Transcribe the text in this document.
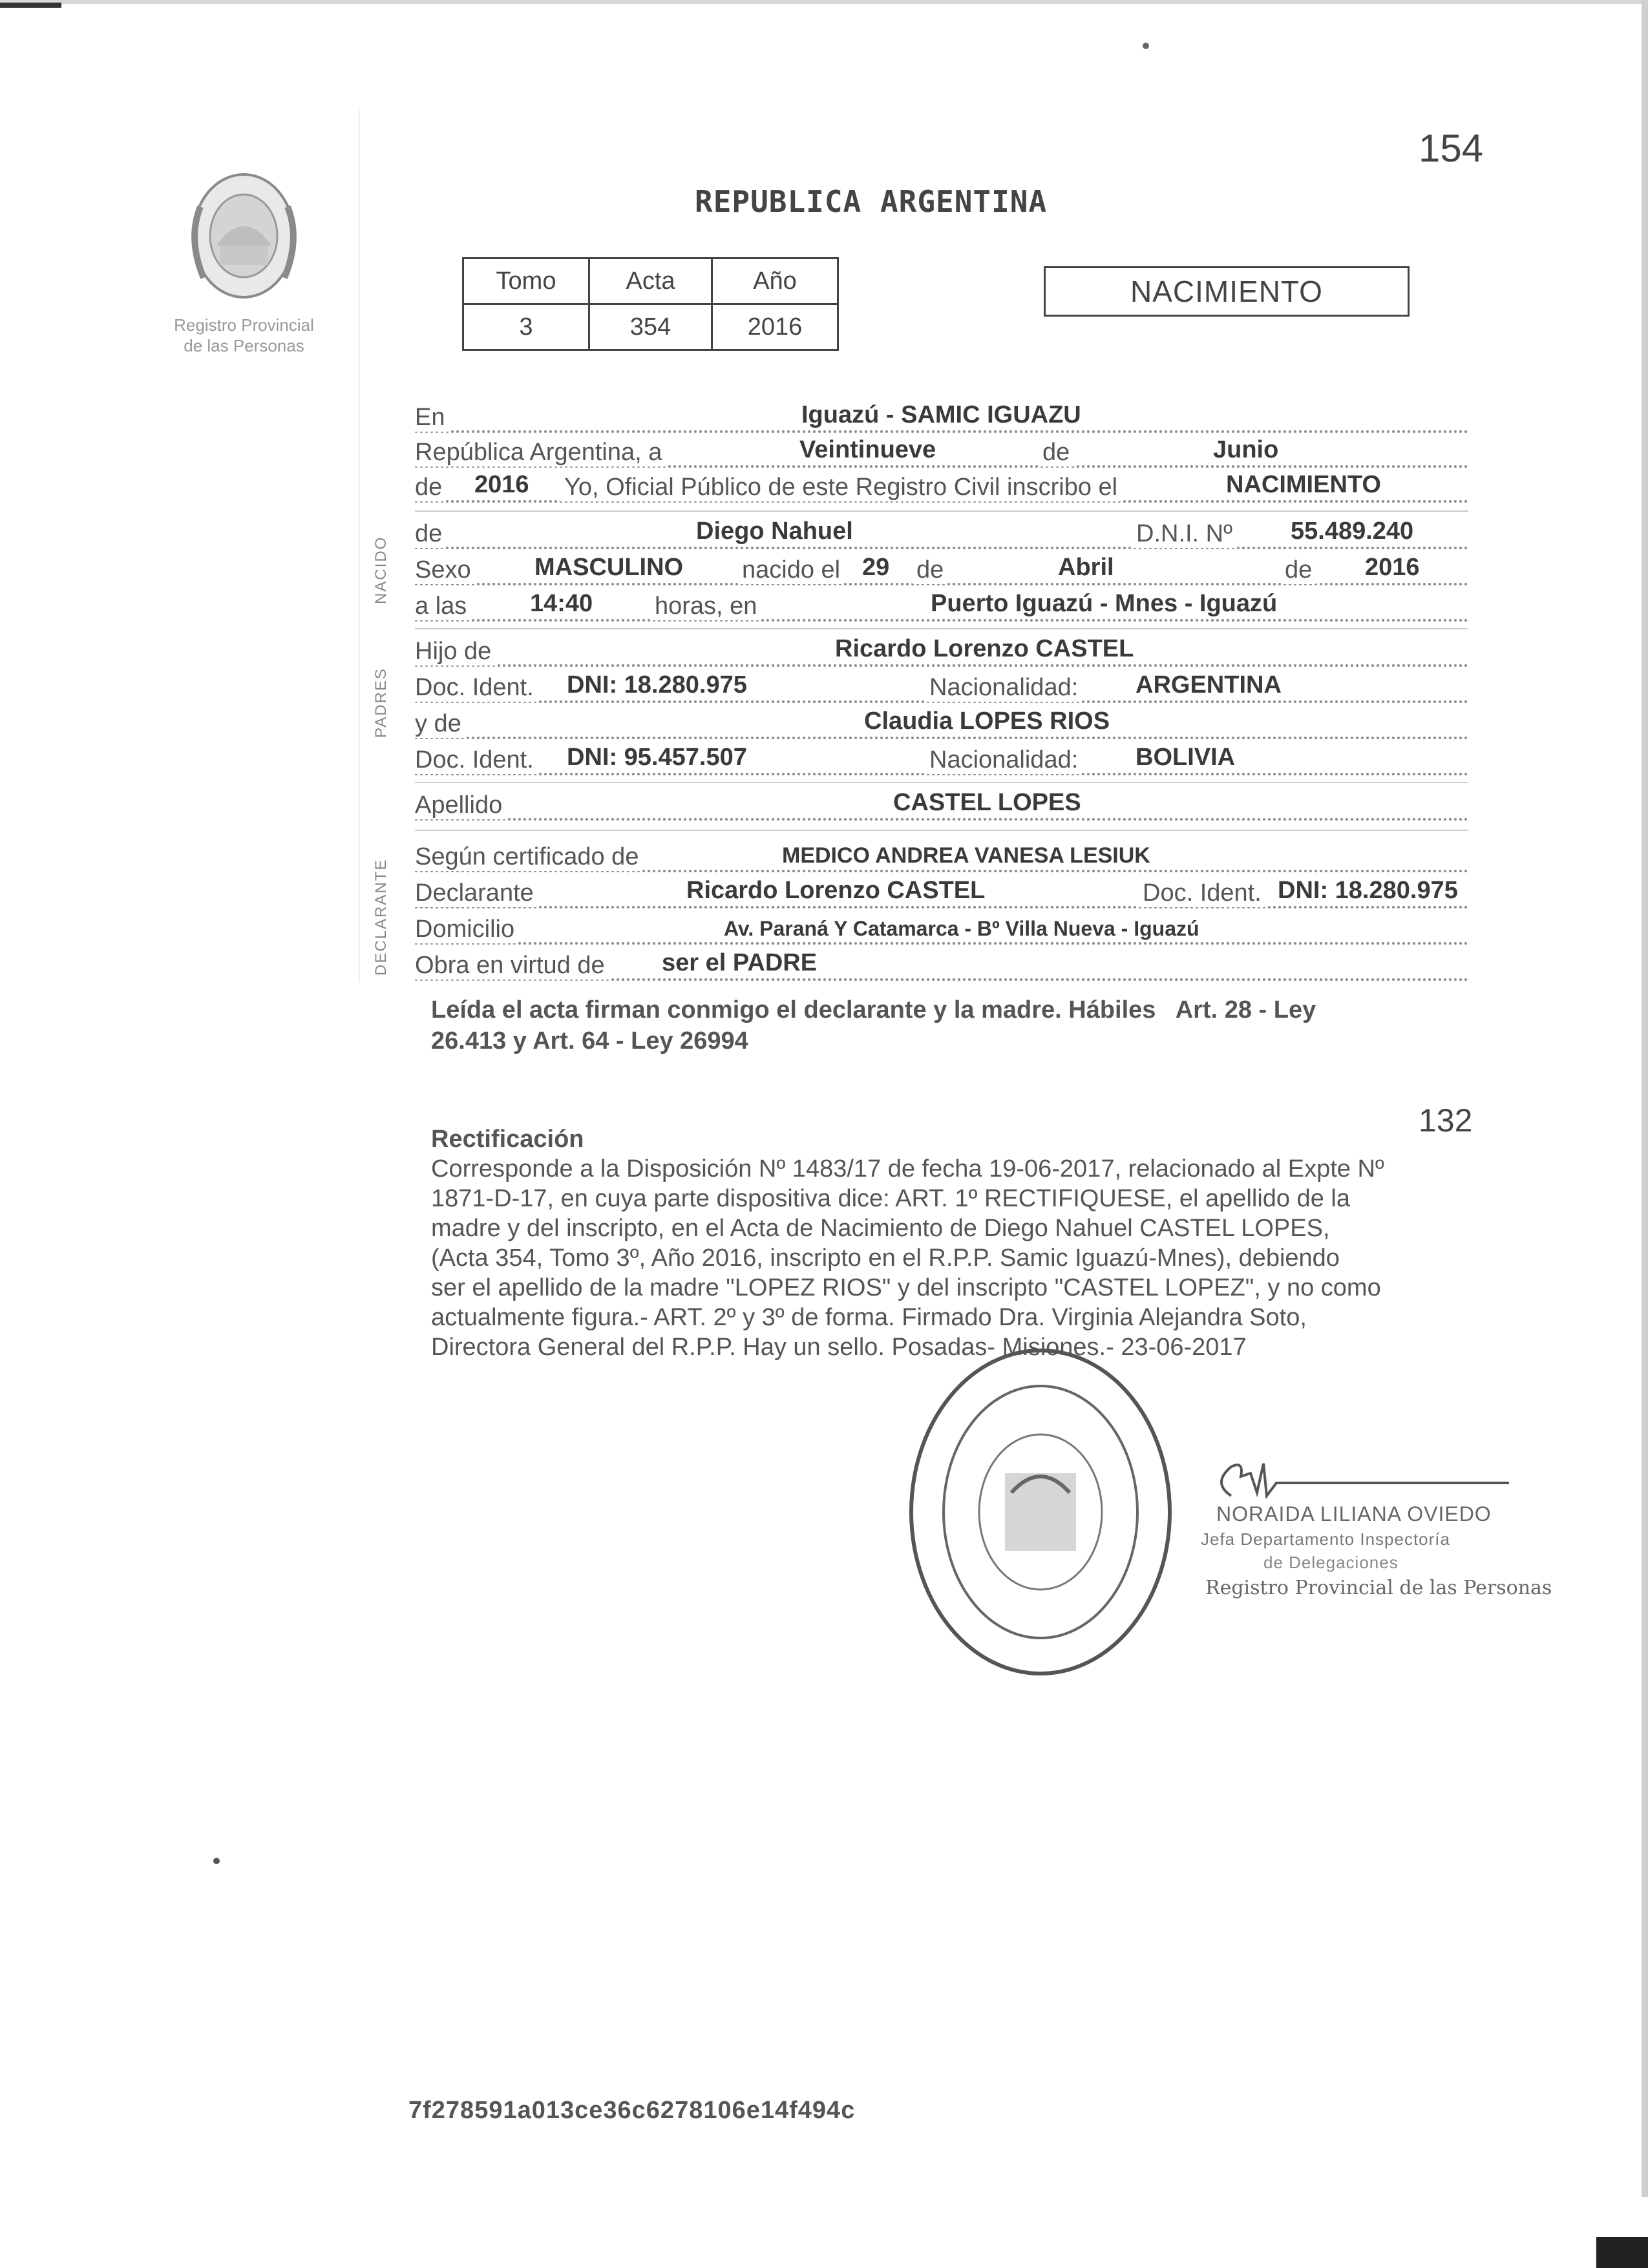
Registro Provincial
de las Personas
154
REPUBLICA ARGENTINA
Tomo	Acta	Año
3	354	2016
NACIMIENTO
NACIDO
PADRES
DECLARANTE
En	Iguazú - SAMIC IGUAZU
República Argentina, a	Veintinueve	de	Junio
de 2016 Yo, Oficial Público de este Registro Civil inscribo el	NACIMIENTO
de	Diego Nahuel	D.N.I. Nº 55.489.240
Sexo	MASCULINO nacido el 29 de	Abril	de 2016
a las	14:40	horas, en	Puerto Iguazú - Mnes - Iguazú
Hijo de	Ricardo Lorenzo CASTEL
Doc. Ident. DNI: 18.280.975	Nacionalidad: ARGENTINA
y de	Claudia LOPES RIOS
Doc. Ident. DNI: 95.457.507	Nacionalidad: BOLIVIA
Apellido	CASTEL LOPES
Según certificado de	MEDICO ANDREA VANESA LESIUK
Declarante	Ricardo Lorenzo CASTEL	Doc. Ident. DNI: 18.280.975
Domicilio	Av. Paraná Y Catamarca - Bº Villa Nueva - Iguazú
Obra en virtud de ser el PADRE
Leída el acta firman conmigo el declarante y la madre. Hábiles   Art. 28 - Ley
26.413 y Art. 64 - Ley 26994
132
Rectificación
Corresponde a la Disposición Nº 1483/17 de fecha 19-06-2017, relacionado al Expte Nº
1871-D-17, en cuya parte dispositiva dice: ART. 1º RECTIFIQUESE, el apellido de la
madre y del inscripto, en el Acta de Nacimiento de Diego Nahuel CASTEL LOPES,
(Acta 354, Tomo 3º, Año 2016, inscripto en el R.P.P. Samic Iguazú-Mnes), debiendo
ser el apellido de la madre "LOPEZ RIOS" y del inscripto "CASTEL LOPEZ", y no como
actualmente figura.- ART. 2º y 3º de forma. Firmado Dra. Virginia Alejandra Soto,
Directora General del R.P.P. Hay un sello. Posadas- Misiones.- 23-06-2017
NORAIDA LILIANA OVIEDO
Jefa Departamento Inspectoría
de Delegaciones
Registro Provincial de las Personas
7f278591a013ce36c6278106e14f494c
